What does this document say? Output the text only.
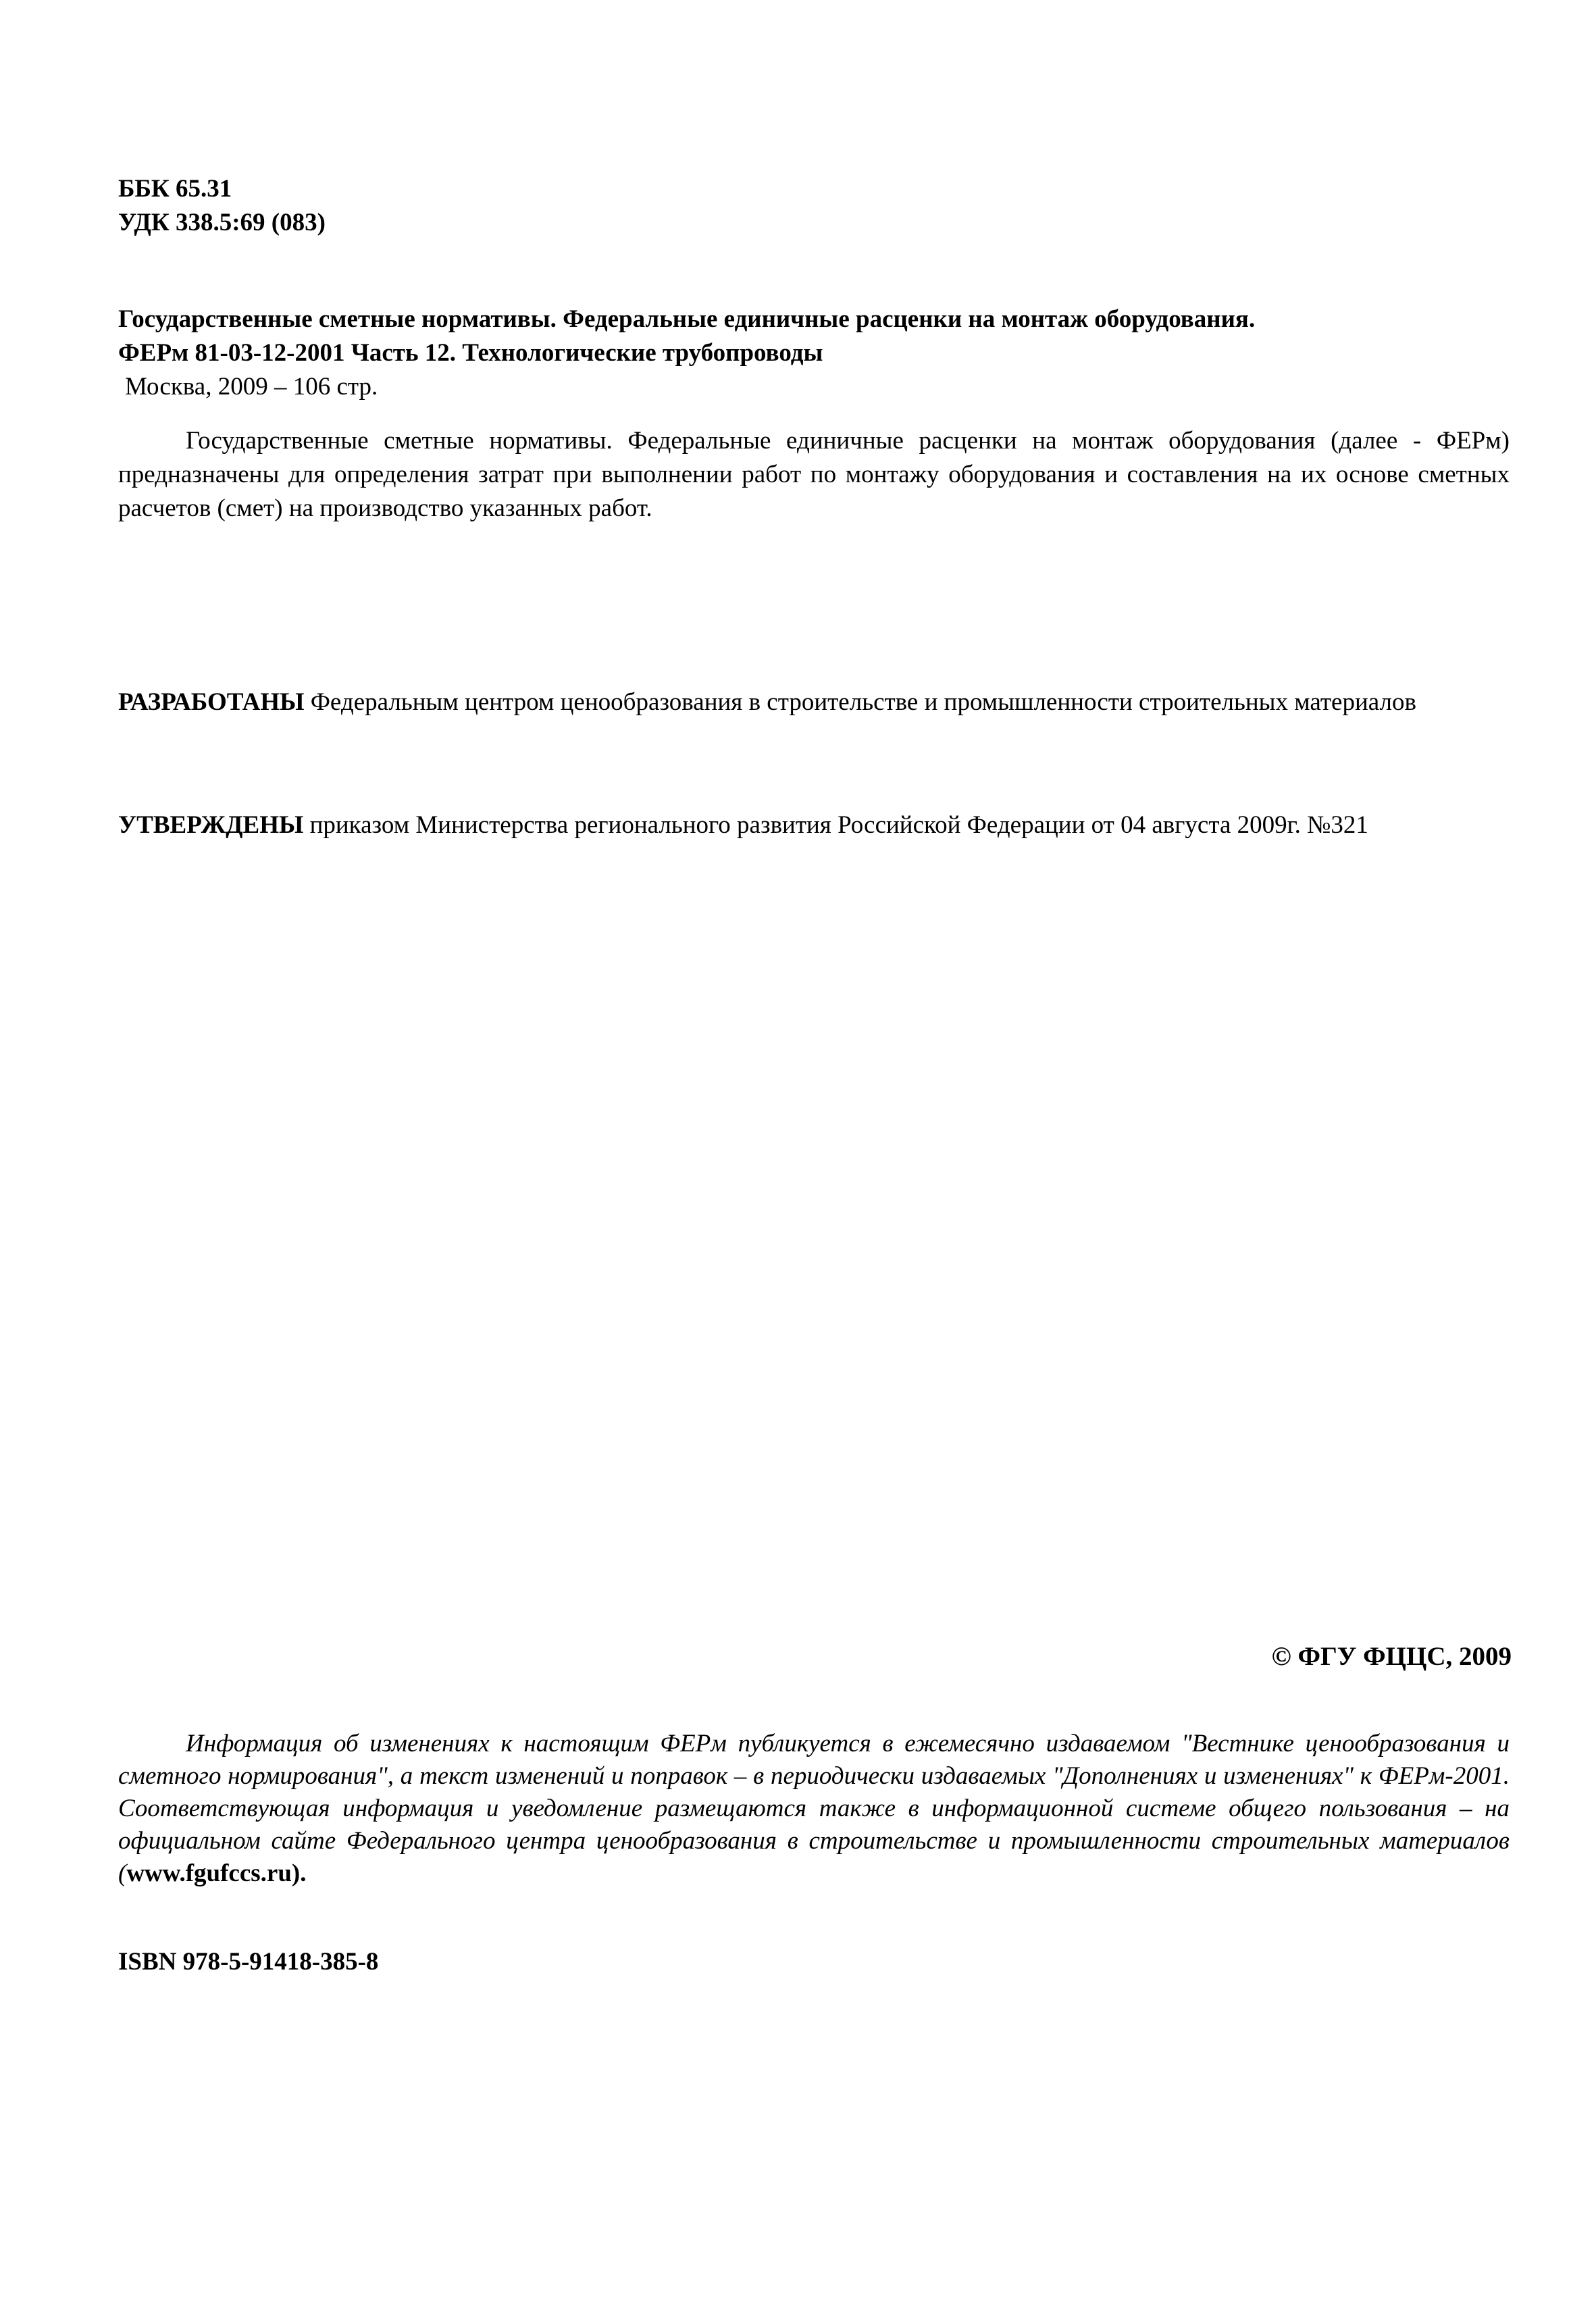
ББК 65.31
УДК 338.5:69 (083)
Государственные сметные нормативы. Федеральные единичные расценки на монтаж оборудования.
ФЕРм 81-03-12-2001 Часть 12. Технологические трубопроводы
Москва, 2009 – 106 стр.
Государственные сметные нормативы. Федеральные единичные расценки на монтаж оборудования (далее - ФЕРм) предназначены для определения затрат при выполнении работ по монтажу оборудования и составления на их основе сметных расчетов (смет) на производство указанных работ.
РАЗРАБОТАНЫ Федеральным центром ценообразования в строительстве и промышленности строительных материалов
УТВЕРЖДЕНЫ приказом Министерства регионального развития Российской Федерации от 04 августа 2009г. №321
© ФГУ ФЦЦС, 2009
Информация об изменениях к настоящим ФЕРм публикуется в ежемесячно издаваемом "Вестнике ценообразования и сметного нормирования", а текст изменений и поправок – в периодически издаваемых "Дополнениях и изменениях" к ФЕРм-2001. Соответствующая информация и уведомление размещаются также в информационной системе общего пользования – на официальном сайте Федерального центра ценообразования в строительстве и промышленности строительных материалов (www.fgufccs.ru).
ISBN 978-5-91418-385-8
